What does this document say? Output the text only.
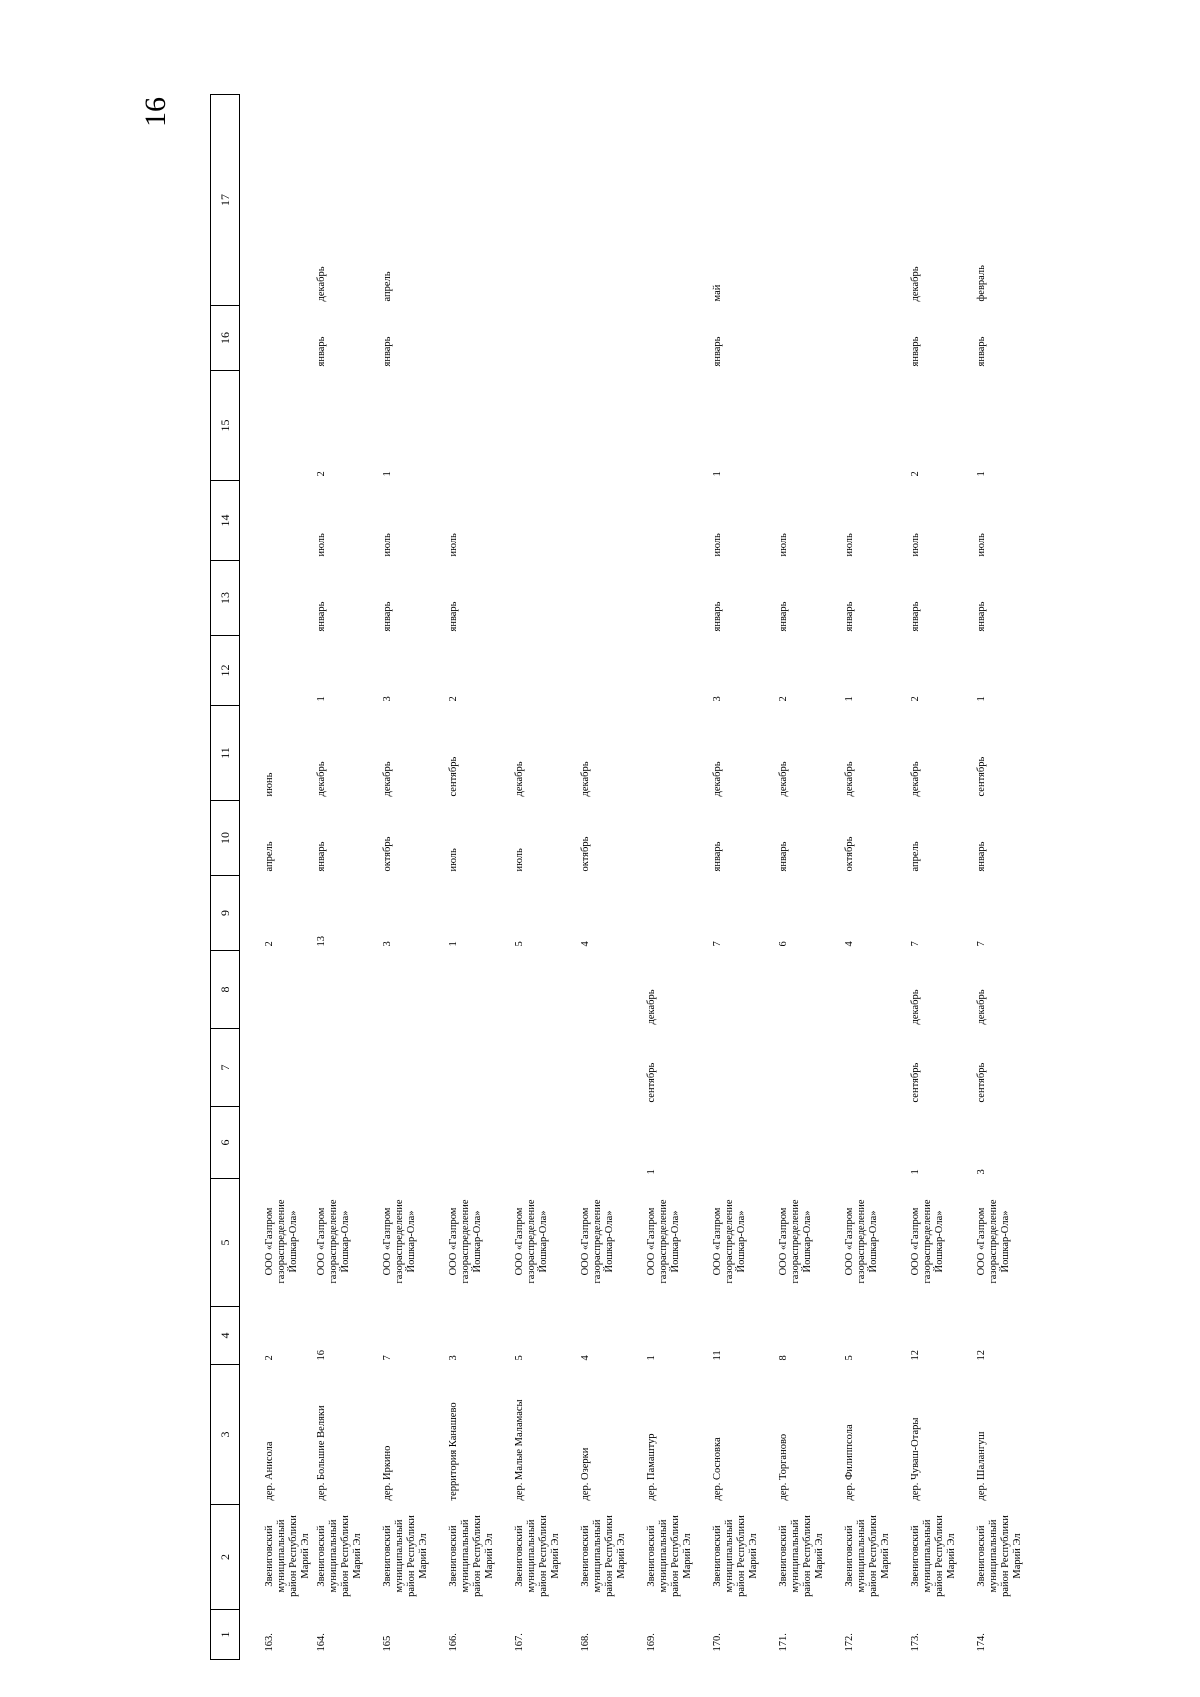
16
1	2	3	4	5	6	7	8	9	10	11	12	13	14	15	16	17
163.	Звениговский муниципальный район Республики Марий Эл	дер. Анисола	2	ООО «Газпром газораспределение Йошкар-Ола»				2	апрель	июнь						
164.	Звениговский муниципальный район Республики Марий Эл	дер. Большие Веляки	16	ООО «Газпром газораспределение Йошкар-Ола»				13	январь	декабрь	1	январь	июль	2	январь	декабрь
165	Звениговский муниципальный район Республики Марий Эл	дер. Иркино	7	ООО «Газпром газораспределение Йошкар-Ола»				3	октябрь	декабрь	3	январь	июль	1	январь	апрель
166.	Звениговский муниципальный район Республики Марий Эл	территория Канашево	3	ООО «Газпром газораспределение Йошкар-Ола»				1	июль	сентябрь	2	январь	июль			
167.	Звениговский муниципальный район Республики Марий Эл	дер. Малые Маламасы	5	ООО «Газпром газораспределение Йошкар-Ола»				5	июль	декабрь						
168.	Звениговский муниципальный район Республики Марий Эл	дер. Озерки	4	ООО «Газпром газораспределение Йошкар-Ола»				4	октябрь	декабрь						
169.	Звениговский муниципальный район Республики Марий Эл	дер. Памаштур	1	ООО «Газпром газораспределение Йошкар-Ола»	1	сентябрь	декабрь									
170.	Звениговский муниципальный район Республики Марий Эл	дер. Сосновка	11	ООО «Газпром газораспределение Йошкар-Ола»				7	январь	декабрь	3	январь	июль	1	январь	май
171.	Звениговский муниципальный район Республики Марий Эл	дер. Торганово	8	ООО «Газпром газораспределение Йошкар-Ола»				6	январь	декабрь	2	январь	июль			
172.	Звениговский муниципальный район Республики Марий Эл	дер. Филиппсола	5	ООО «Газпром газораспределение Йошкар-Ола»				4	октябрь	декабрь	1	январь	июль			
173.	Звениговский муниципальный район Республики Марий Эл	дер. Чуваш-Отары	12	ООО «Газпром газораспределение Йошкар-Ола»	1	сентябрь	декабрь	7	апрель	декабрь	2	январь	июль	2	январь	декабрь
174.	Звениговский муниципальный район Республики Марий Эл	дер. Шалангуш	12	ООО «Газпром газораспределение Йошкар-Ола»	3	сентябрь	декабрь	7	январь	сентябрь	1	январь	июль	1	январь	февраль
